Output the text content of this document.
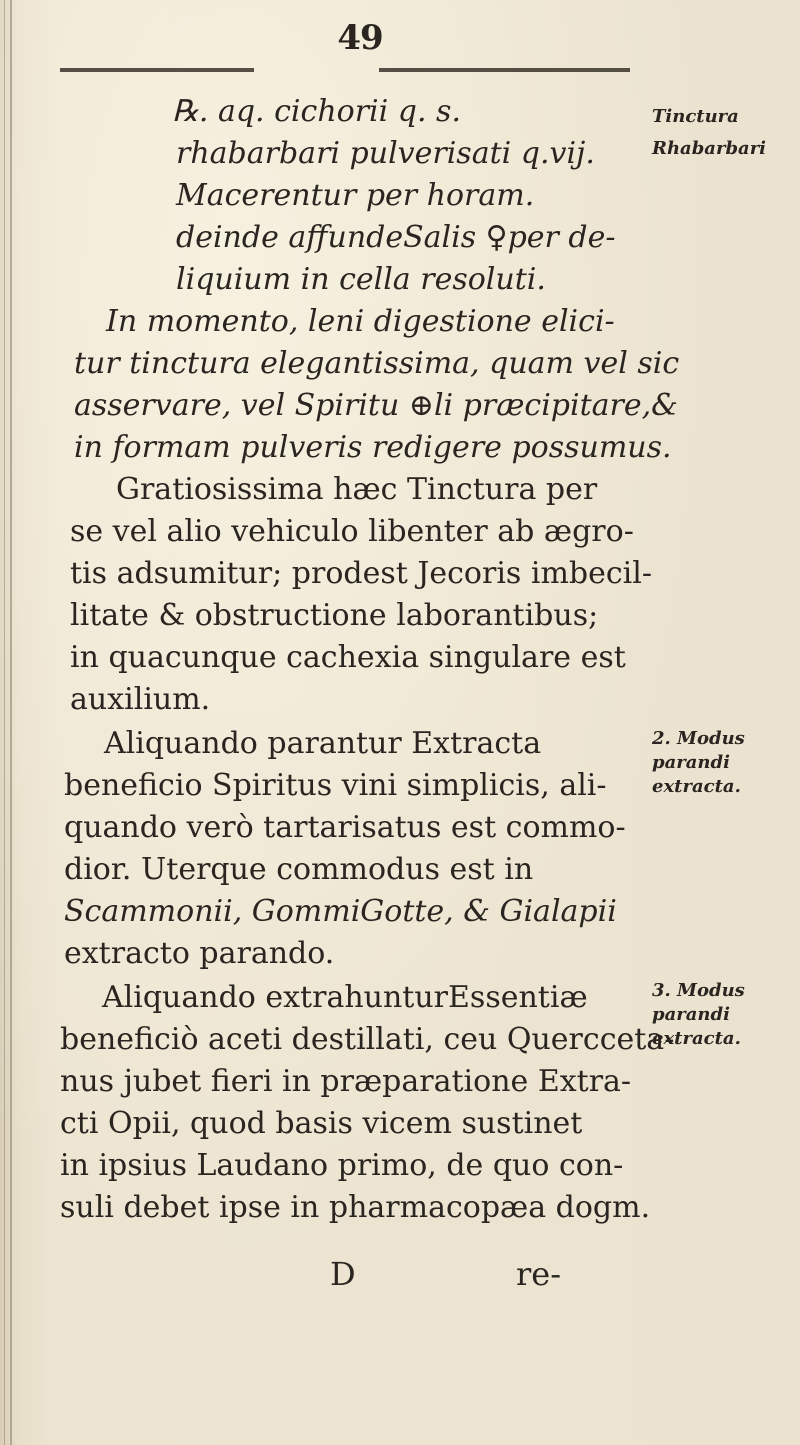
49
℞. aq. cichorii q. s.
rhabarbari pulverisati q.vij.
Macerentur per horam.
deinde affundeSalis ♀per de-
liquium in cella resoluti.
In momento, leni digestione elici-
tur tinctura elegantissima, quam vel sic
asservare, vel Spiritu ⊕li præcipitare,&
in formam pulveris redigere possumus.
Gratiosissima hæc Tinctura per
se vel alio vehiculo libenter ab ægro-
tis adsumitur; prodest Jecoris imbecil-
litate & obstructione laborantibus;
in quacunque cachexia singulare est
auxilium.
Aliquando parantur Extracta
beneficio Spiritus vini simplicis, ali-
quando verò tartarisatus est commo-
dior. Uterque commodus est in
Scammonii, GommiGotte, & Gialapii
extracto parando.
Aliquando extrahunturEssentiæ
beneficiò aceti destillati, ceu Quercceta-
nus jubet fieri in præparatione Extra-
cti Opii, quod basis vicem sustinet
in ipsius Laudano primo, de quo con-
suli debet ipse in pharmacopæa dogm.
Tinctura
Rhabarbari
2. Modus
parandi
extracta.
3. Modus
parandi
extracta.
D	re-
